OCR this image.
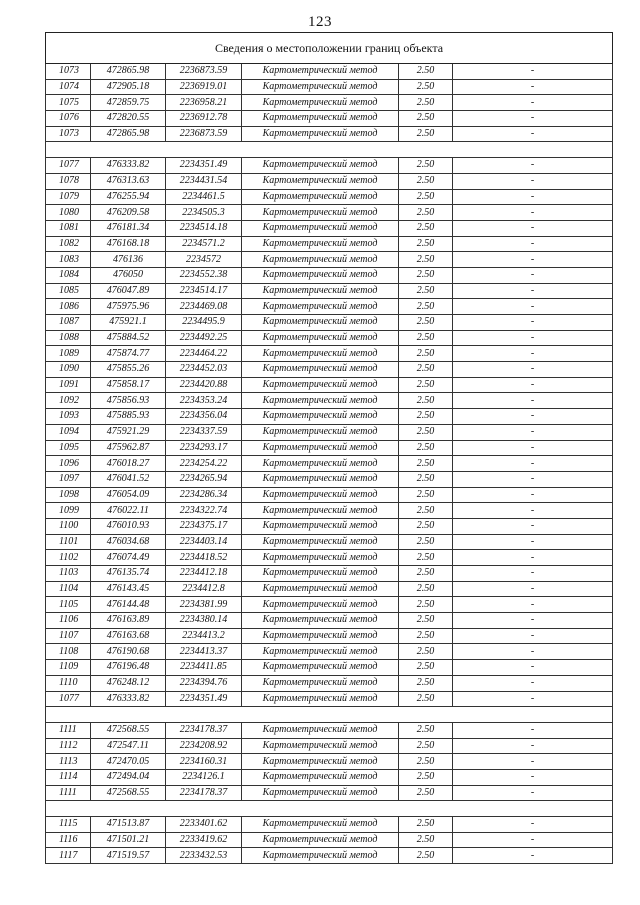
123
Сведения о местоположении границ объекта					
1073	472865.98	2236873.59	Картометрический метод	2.50	-
1074	472905.18	2236919.01	Картометрический метод	2.50	-
1075	472859.75	2236958.21	Картометрический метод	2.50	-
1076	472820.55	2236912.78	Картометрический метод	2.50	-
1073	472865.98	2236873.59	Картометрический метод	2.50	-

1077	476333.82	2234351.49	Картометрический метод	2.50	-
1078	476313.63	2234431.54	Картометрический метод	2.50	-
1079	476255.94	2234461.5	Картометрический метод	2.50	-
1080	476209.58	2234505.3	Картометрический метод	2.50	-
1081	476181.34	2234514.18	Картометрический метод	2.50	-
1082	476168.18	2234571.2	Картометрический метод	2.50	-
1083	476136	2234572	Картометрический метод	2.50	-
1084	476050	2234552.38	Картометрический метод	2.50	-
1085	476047.89	2234514.17	Картометрический метод	2.50	-
1086	475975.96	2234469.08	Картометрический метод	2.50	-
1087	475921.1	2234495.9	Картометрический метод	2.50	-
1088	475884.52	2234492.25	Картометрический метод	2.50	-
1089	475874.77	2234464.22	Картометрический метод	2.50	-
1090	475855.26	2234452.03	Картометрический метод	2.50	-
1091	475858.17	2234420.88	Картометрический метод	2.50	-
1092	475856.93	2234353.24	Картометрический метод	2.50	-
1093	475885.93	2234356.04	Картометрический метод	2.50	-
1094	475921.29	2234337.59	Картометрический метод	2.50	-
1095	475962.87	2234293.17	Картометрический метод	2.50	-
1096	476018.27	2234254.22	Картометрический метод	2.50	-
1097	476041.52	2234265.94	Картометрический метод	2.50	-
1098	476054.09	2234286.34	Картометрический метод	2.50	-
1099	476022.11	2234322.74	Картометрический метод	2.50	-
1100	476010.93	2234375.17	Картометрический метод	2.50	-
1101	476034.68	2234403.14	Картометрический метод	2.50	-
1102	476074.49	2234418.52	Картометрический метод	2.50	-
1103	476135.74	2234412.18	Картометрический метод	2.50	-
1104	476143.45	2234412.8	Картометрический метод	2.50	-
1105	476144.48	2234381.99	Картометрический метод	2.50	-
1106	476163.89	2234380.14	Картометрический метод	2.50	-
1107	476163.68	2234413.2	Картометрический метод	2.50	-
1108	476190.68	2234413.37	Картометрический метод	2.50	-
1109	476196.48	2234411.85	Картометрический метод	2.50	-
1110	476248.12	2234394.76	Картометрический метод	2.50	-
1077	476333.82	2234351.49	Картометрический метод	2.50	-

1111	472568.55	2234178.37	Картометрический метод	2.50	-
1112	472547.11	2234208.92	Картометрический метод	2.50	-
1113	472470.05	2234160.31	Картометрический метод	2.50	-
1114	472494.04	2234126.1	Картометрический метод	2.50	-
1111	472568.55	2234178.37	Картометрический метод	2.50	-

1115	471513.87	2233401.62	Картометрический метод	2.50	-
1116	471501.21	2233419.62	Картометрический метод	2.50	-
1117	471519.57	2233432.53	Картометрический метод	2.50	-
